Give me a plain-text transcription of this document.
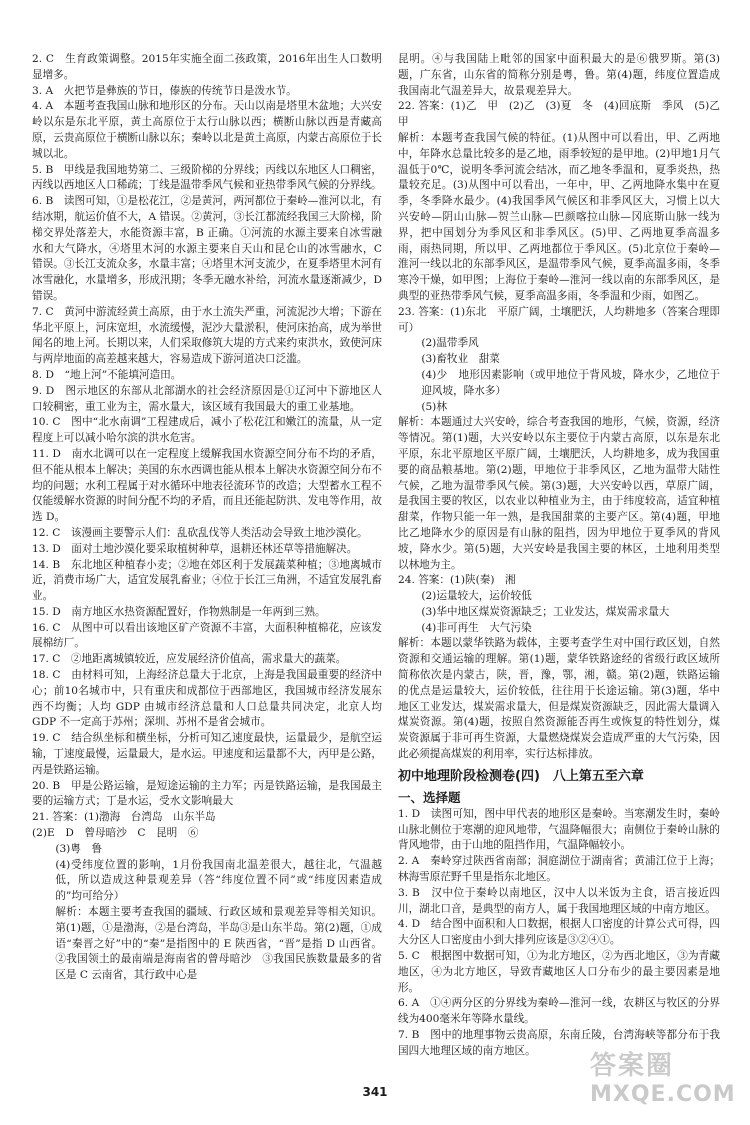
2. C　生育政策调整。2015年实施全面二孩政策，2016年出生人口数明显增多。

3. A　火把节是彝族的节日，傣族的传统节日是泼水节。

4. A　本题考查我国山脉和地形区的分布。天山以南是塔里木盆地；大兴安岭以东是东北平原，黄土高原位于太行山脉以西；横断山脉以西是青藏高原，云贵高原位于横断山脉以东；秦岭以北是黄土高原，内蒙古高原位于长城以北。

5. B　甲线是我国地势第二、三级阶梯的分界线；丙线以东地区人口稠密，丙线以西地区人口稀疏；丁线是温带季风气候和亚热带季风气候的分界线。

6. B　读图可知，①是松花江，②是黄河，两河都位于秦岭—淮河以北，有结冰期，航运价值不大，A 错误。②黄河，③长江都流经我国三大阶梯，阶梯交界处落差大，水能资源丰富，B 正确。①河流的水源主要来自冰雪融水和大气降水，④塔里木河的水源主要来自天山和昆仑山的冰雪融水，C 错误。③长江支流众多，水量丰富；④塔里木河支流少，在夏季塔里木河有冰雪融化，水量增多，形成汛期；冬季无融水补给，河流水量逐渐减少，D 错误。

7. C　黄河中游流经黄土高原，由于水土流失严重，河流泥沙大增；下游在华北平原上，河床宽坦，水流缓慢，泥沙大量淤积，使河床抬高，成为举世闻名的地上河。长期以来，人们采取修筑大堤的方式来约束洪水，致使河床与两岸地面的高差越来越大，容易造成下游河道决口泛滥。

8. D　“地上河”不能填河造田。

9. D　图示地区的东部从北部湖水的社会经济原因是①辽河中下游地区人口较稠密，重工业为主，需水量大，该区域有我国最大的重工业基地。

10. C　图中“北水南调”工程建成后，减小了松花江和嫩江的流量，从一定程度上可以减小哈尔滨的洪水危害。

11. D　南水北调可以在一定程度上缓解我国水资源空间分布不均的矛盾，但不能从根本上解决；美国的东水西调也能从根本上解决水资源空间分布不均的问题；水利工程属于对水循环中地表径流环节的改造；大型蓄水工程不仅能缓解水资源的时间分配不均的矛盾，而且还能起防洪、发电等作用，故选 D。

12. C　该漫画主要警示人们：乱砍乱伐等人类活动会导致土地沙漠化。

13. D　面对土地沙漠化要采取植树种草，退耕还林还草等措施解决。

14. B　东北地区种植春小麦；②地在郊区利于发展蔬菜种植；③地离城市近，消费市场广大，适宜发展乳畜业；④位于长江三角洲，不适宜发展乳畜业。

15. D　南方地区水热资源配置好，作物熟制是一年两到三熟。

16. C　从图中可以看出该地区矿产资源不丰富，大面积种植棉花，应该发展棉纺厂。

17. C　②地距离城镇较近，应发展经济价值高，需求量大的蔬菜。

18. C　由材料可知，上海经济总量大于北京，上海是我国最重要的经济中心；前10名城市中，只有重庆和成都位于西部地区，我国城市经济发展东西不均衡；人均 GDP 由城市经济总量和人口总量共同决定，北京人均 GDP 不一定高于苏州；深圳、苏州不是省会城市。

19. C　结合纵坐标和横坐标，分析可知乙速度最快，运量最少，是航空运输，丁速度最慢，运量最大，是水运。甲速度和运量都不大，丙甲是公路，丙是铁路运输。

20. B　甲是公路运输，是短途运输的主力军；丙是铁路运输，是我国最主要的运输方式；丁是水运，受水文影响最大

21. 答案：(1)渤海　台湾岛　山东半岛

(2)E　D　曾母暗沙　C　昆明　⑥

(3)粤　鲁

(4)受纬度位置的影响，1月份我国南北温差很大，越往北，气温越低，所以造成这种景观差异（答“纬度位置不同”或“纬度因素造成的”均可给分）

解析：本题主要考查我国的疆域、行政区域和景观差异等相关知识。第(1)题，①是渤海，②是台湾岛，半岛③是山东半岛。第(2)题，①成语“秦晋之好”中的“秦”是指图中的 E 陕西省，“晋”是指 D 山西省。②我国领土的最南端是海南省的曾母暗沙　③我国民族数量最多的省区是 C 云南省，其行政中心是

昆明。④与我国陆上毗邻的国家中面积最大的是⑥俄罗斯。第(3)题，广东省，山东省的简称分别是粤，鲁。第(4)题，纬度位置造成我国南北气温差异大，故景观差异大。

22. 答案：(1)乙　甲　(2)乙　(3)夏　冬　(4)回底斯　季风　(5)乙　甲

解析：本题考查我国气候的特征。(1)从图中可以看出，甲、乙两地中，年降水总量比较多的是乙地，雨季较短的是甲地。(2)甲地1月气温低于0℃，说明冬季河流会结冰，而乙地冬季温和，夏季炎热，热量较充足。(3)从图中可以看出，一年中，甲、乙两地降水集中在夏季，冬季降水最少。(4)我国季风气候区和非季风区大，习惯上以大兴安岭—阴山山脉—贺兰山脉—巴颜喀拉山脉—冈底斯山脉一线为界，把中国划分为季风区和非季风区。(5)甲、乙两地夏季高温多雨，雨热同期，所以甲、乙两地都位于季风区。(5)北京位于秦岭—淮河一线以北的东部季风区，是温带季风气候，夏季高温多雨，冬季寒冷干燥，如甲图；上海位于秦岭—淮河一线以南的东部季风区，是典型的亚热带季风气候，夏季高温多雨，冬季温和少雨，如图乙。

23. 答案：(1)东北　平原广阔，土壤肥沃，人均耕地多（答案合理即可）

(2)温带季风

(3)畜牧业　甜菜

(4)少　地形因素影响（或甲地位于背风坡，降水少，乙地位于迎风坡，降水多）

(5)林

解析：本题通过大兴安岭，综合考查我国的地形，气候，资源，经济等情况。第(1)题，大兴安岭以东主要位于内蒙古高原，以东是东北平原，东北平原地区平原广阔，土壤肥沃，人均耕地多，成为我国重要的商品粮基地。第(2)题，甲地位于非季风区，乙地为温带大陆性气候，乙地为温带季风气候。第(3)题，大兴安岭以西，草原广阔，是我国主要的牧区，以农业以种植业为主，由于纬度较高，适宜种植甜菜，作物只能一年一熟，是我国甜菜的主要产区。第(4)题，甲地比乙地降水少的原因是有山脉的阻挡，因为甲地位于夏季风的背风坡，降水少。第(5)题，大兴安岭是我国主要的林区，土地利用类型以林地为主。

24. 答案：(1)陕(秦)　湘

(2)运量较大，运价较低

(3)华中地区煤炭资源缺乏；工业发达，煤炭需求量大

(4)非可再生　大气污染

解析：本题以蒙华铁路为载体，主要考查学生对中国行政区划，自然资源和交通运输的理解。第(1)题，蒙华铁路途经的省级行政区域所简称依次是内蒙古，陕，晋，豫，鄂，湘，赣。第(2)题，铁路运输的优点是运量较大，运价较低，往往用于长途运输。第(3)题，华中地区工业发达，煤炭需求量大，但是煤炭资源缺乏，因此需大量调入煤炭资源。第(4)题，按照自然资源能否再生或恢复的特性划分，煤炭资源属于非可再生资源，大量燃烧煤炭会造成严重的大气污染，因此必须提高煤炭的利用率，实行达标排放。

初中地理阶段检测卷(四)　八上第五至六章
一、选择题

1. D　读图可知，图中甲代表的地形区是秦岭。当寒潮发生时，秦岭山脉北侧位于寒潮的迎风地带，气温降幅很大；南侧位于秦岭山脉的背风地带，由于山地的阻挡作用，气温降幅较小。

2. A　秦岭穿过陕西省南部；洞庭湖位于湖南省；黄浦江位于上海；林海雪原茫野千里是指东北地区。

3. B　汉中位于秦岭以南地区，汉中人以米饭为主食，语言接近四川，湖北口音，是典型的南方人，属于我国地理区域的中南方地区。

4. D　结合图中面积和人口数据，根据人口密度的计算公式可得，四大分区人口密度由小到大排列应该是③②④①。

5. C　根据图中数据可知，①为北方地区，②为西北地区，③为青藏地区，④为北方地区，导致青藏地区人口分布少的最主要因素是地形。

6. A　①④两分区的分界线为秦岭—淮河一线，农耕区与牧区的分界线为400毫米年等降水量线。

7. B　图中的地理事物云贵高原，东南丘陵，台湾海峡等都分布于我国四大地理区域的南方地区。

341
答案圈
MXQE.COM
